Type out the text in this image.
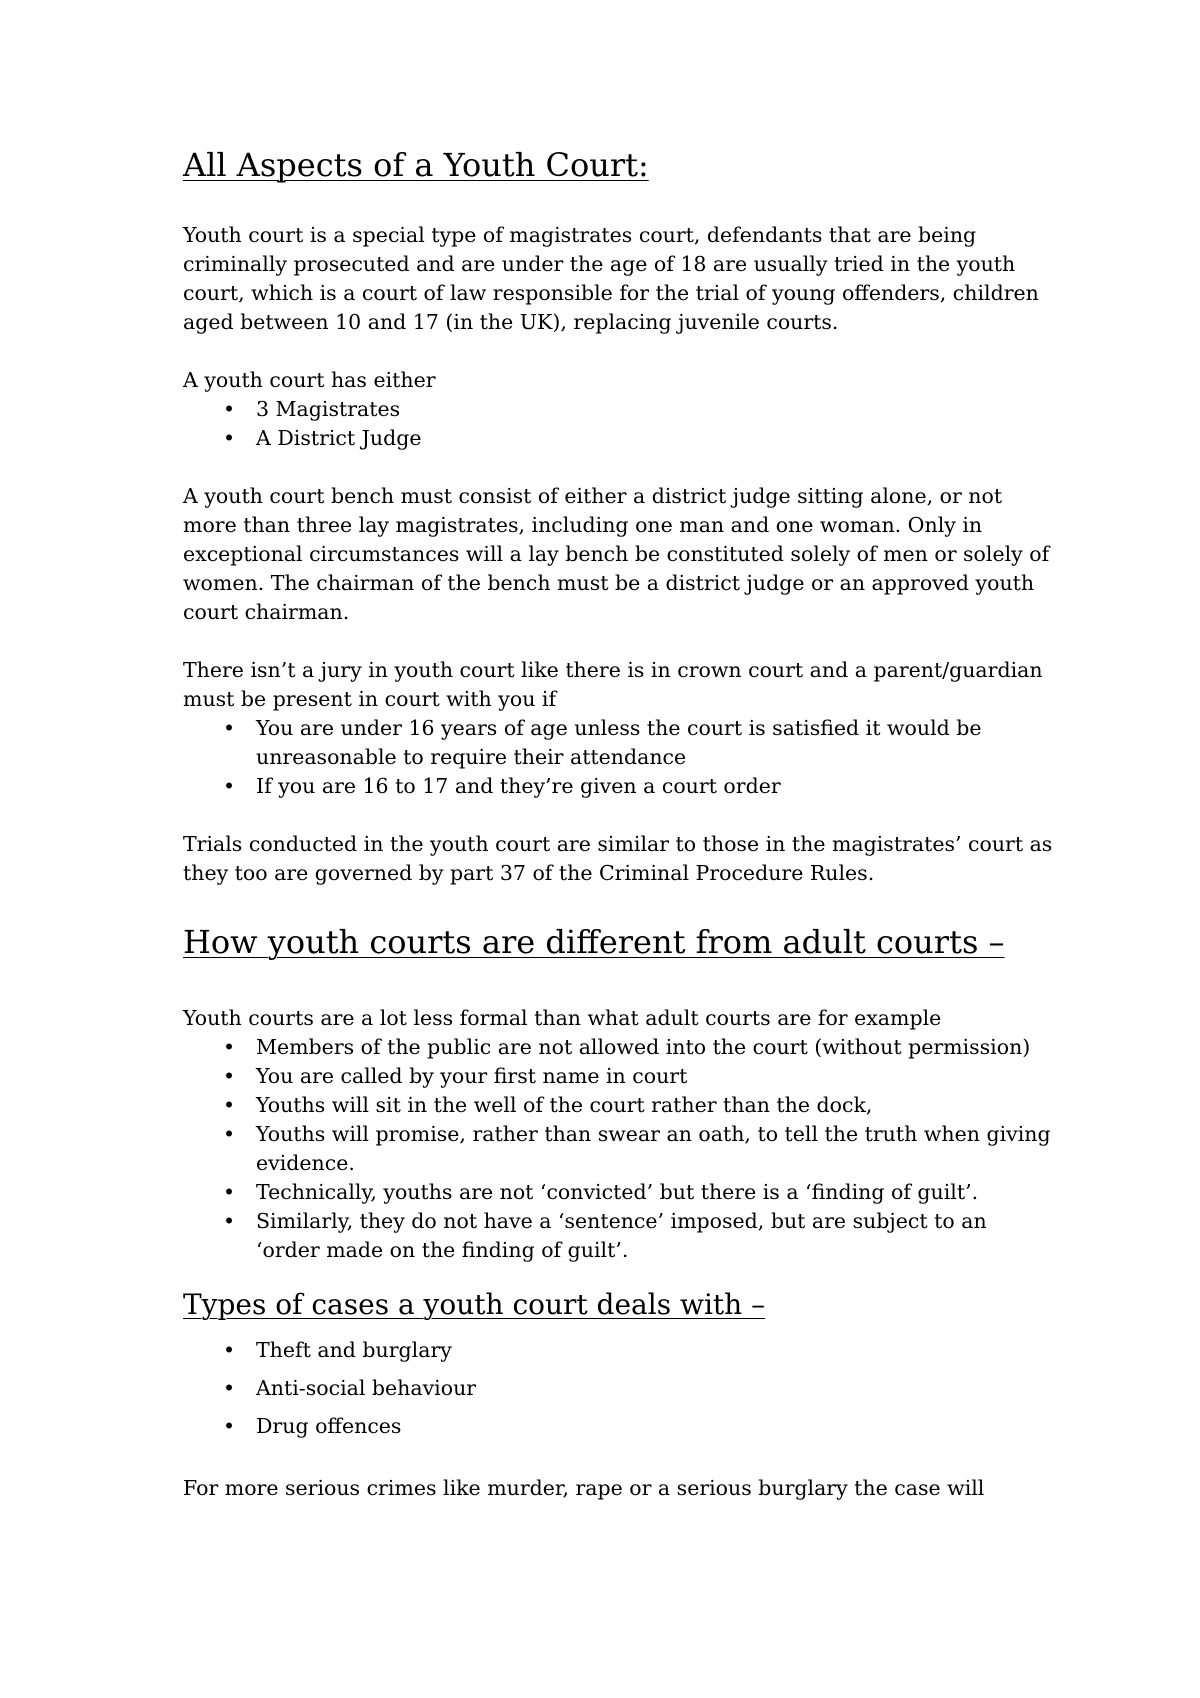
All Aspects of a Youth Court:

Youth court is a special type of magistrates court, defendants that are being criminally prosecuted and are under the age of 18 are usually tried in the youth court, which is a court of law responsible for the trial of young offenders, children aged between 10 and 17 (in the UK), replacing juvenile courts.

A youth court has either

• 3 Magistrates
• A District Judge

A youth court bench must consist of either a district judge sitting alone, or not more than three lay magistrates, including one man and one woman. Only in exceptional circumstances will a lay bench be constituted solely of men or solely of women. The chairman of the bench must be a district judge or an approved youth court chairman.

There isn’t a jury in youth court like there is in crown court and a parent/guardian must be present in court with you if

• You are under 16 years of age unless the court is satisfied it would be unreasonable to require their attendance
• If you are 16 to 17 and they’re given a court order

Trials conducted in the youth court are similar to those in the magistrates’ court as they too are governed by part 37 of the Criminal Procedure Rules.

How youth courts are different from adult courts –

Youth courts are a lot less formal than what adult courts are for example

• Members of the public are not allowed into the court (without permission)
• You are called by your first name in court
• Youths will sit in the well of the court rather than the dock,
• Youths will promise, rather than swear an oath, to tell the truth when giving evidence.
• Technically, youths are not ‘convicted’ but there is a ‘finding of guilt’.
• Similarly, they do not have a ‘sentence’ imposed, but are subject to an ‘order made on the finding of guilt’.
Types of cases a youth court deals with –
• Theft and burglary
• Anti-social behaviour
• Drug offences

For more serious crimes like murder, rape or a serious burglary the case will
